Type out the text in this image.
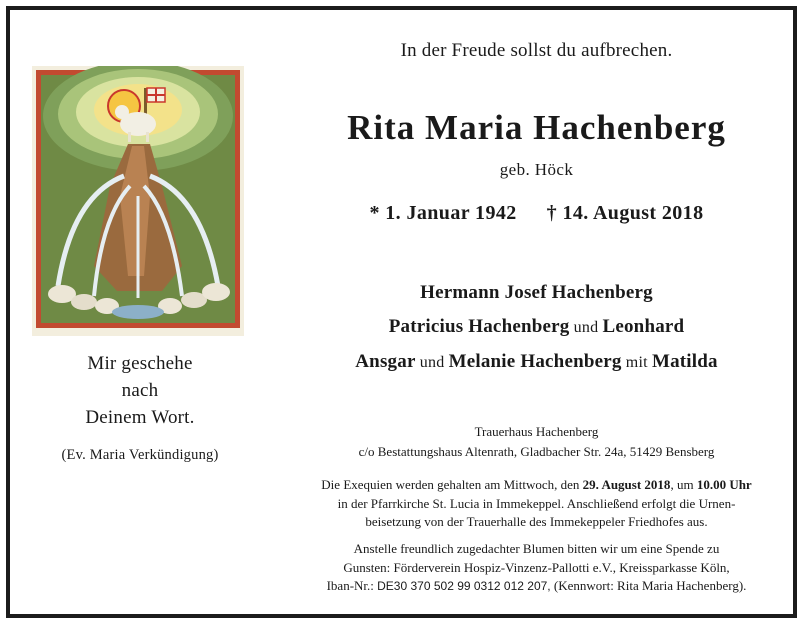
Mir geschehe
nach
Deinem Wort.
(Ev. Maria Verkündigung)
In der Freude sollst du aufbrechen.
Rita Maria Hachenberg
geb. Höck
* 1. Januar 1942 † 14. August 2018
Hermann Josef Hachenberg
Patricius Hachenberg und Leonhard
Ansgar und Melanie Hachenberg mit Matilda
Trauerhaus Hachenberg
c/o Bestattungshaus Altenrath, Gladbacher Str. 24a, 51429 Bensberg
Die Exequien werden gehalten am Mittwoch, den 29. August 2018, um 10.00 Uhr
in der Pfarrkirche St. Lucia in Immekeppel. Anschließend erfolgt die Urnen-
beisetzung von der Trauerhalle des Immekeppeler Friedhofes aus.
Anstelle freundlich zugedachter Blumen bitten wir um eine Spende zu
Gunsten: Förderverein Hospiz-Vinzenz-Pallotti e.V., Kreissparkasse Köln,
Iban-Nr.: DE30 370 502 99 0312 012 207, (Kennwort: Rita Maria Hachenberg).
